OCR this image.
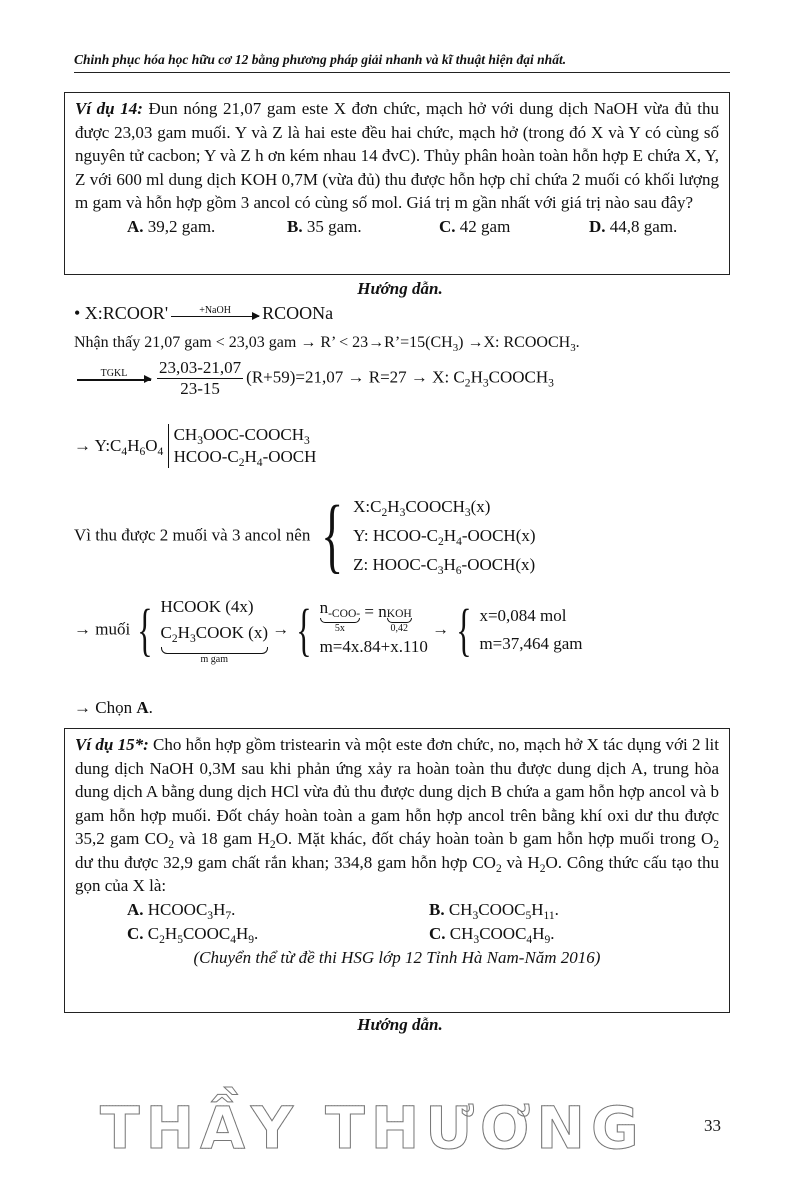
Chinh phục hóa học hữu cơ 12 bằng phương pháp giải nhanh và kĩ thuật hiện đại nhất.
Ví dụ 14: Đun nóng 21,07 gam este X đơn chức, mạch hở với dung dịch NaOH vừa đủ thu được 23,03 gam muối. Y và Z là hai este đều hai chức, mạch hở (trong đó X và Y có cùng số nguyên tử cacbon; Y và Z h ơn kém nhau 14 đvC). Thủy phân hoàn toàn hỗn hợp E chứa X, Y, Z với 600 ml dung dịch KOH 0,7M (vừa đủ) thu được hỗn hợp chỉ chứa 2 muối có khối lượng m gam và hỗn hợp gồm 3 ancol có cùng số mol. Giá trị m gần nhất với giá trị nào sau đây?
A. 39,2 gam.	B. 35 gam.	C. 42 gam	D. 44,8 gam.
Hướng dẫn.
• X:RCOOR'	+NaOH	RCOONa
Nhận thấy 21,07 gam < 23,03 gam → R’ < $23\to R’=15(CH_3) \to X$: $RCOOCH_3$.
TGKL	$\frac{23,03-21,07}{23-15} (R+59)=21,07 \to R=27 \to X$: $C_2H_3COOCH_3$
→ $Y:C_4H_6O_4$
$CH_3OOC-COOCH_3$
HCOO-$C_2H_4$-OOCH
Vì thu được 2 muối và 3 ancol nên { $X:C_2H_3COOCH_3(x)$
Y: HCOO-$C_2H_4-OOCH(x)$
Z: HOOC-$C_3H_6-OOCH(x)$
→ muối { HCOOK (4x)
$C_2H_3COOK$ (x)
m gam
→ { $n_{-COO-}$
5x
= n $_{KOH}$
0,42
m=4x.84+x.110
→ { x=0,084 mol
m=37,464 gam
→ Chọn A.
Ví dụ 15*: Cho hỗn hợp gồm tristearin và một este đơn chức, no, mạch hở X tác dụng với 2 lit dung dịch NaOH 0,3M sau khi phản ứng xảy ra hoàn toàn thu được dung dịch A, trung hòa dung dịch A bằng dung dịch HCl vừa đủ thu được dung dịch B chứa a gam hỗn hợp ancol và b gam hỗn hợp muối. Đốt cháy hoàn toàn a gam hỗn hợp ancol trên bằng khí oxi dư thu được 35,2 gam $CO_2$ và 18 gam $H_2O$. Mặt khác, đốt cháy hoàn toàn b gam hỗn hợp muối trong $O_2$ dư thu được 32,9 gam chất rắn khan; 334,8 gam hỗn hợp $CO_2$ và $H_2O$. Công thức cấu tạo thu gọn của X là:
A. $HCOOC_3H_7$.	B. $CH_3COOC_5H_{11}$.
C. $C_2H_5COOC_4H_9$.	C. $CH_3COOC_4H_9$.
(Chuyển thể từ đề thi HSG lớp 12 Tỉnh Hà Nam-Năm 2016)
Hướng dẫn.
THẦY THƯƠNG	33
